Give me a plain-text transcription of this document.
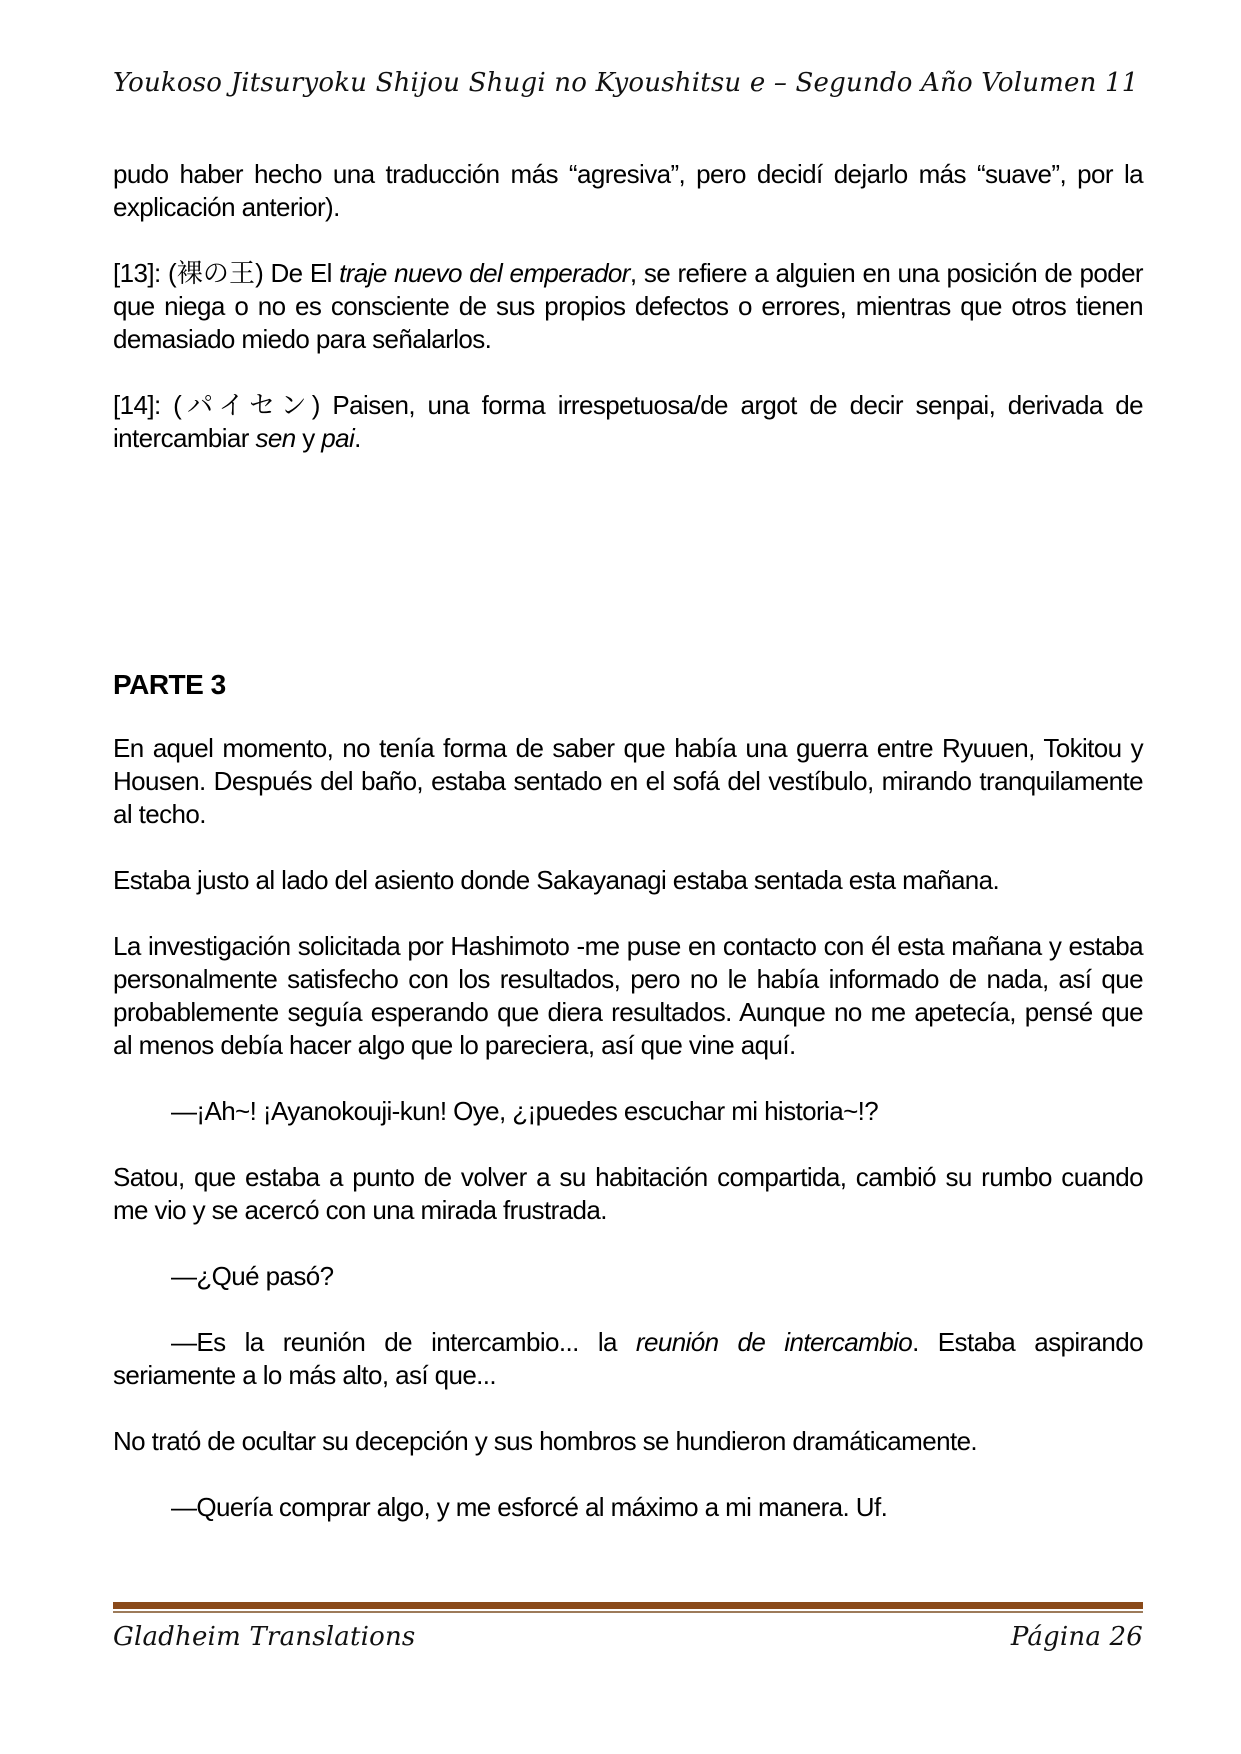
Youkoso Jitsuryoku Shijou Shugi no Kyoushitsu e – Segundo Año Volumen 11

pudo haber hecho una traducción más “agresiva”, pero decidí dejarlo más “suave”, por la explicación anterior).

[13]: (裸の王) De El traje nuevo del emperador, se refiere a alguien en una posición de poder que niega o no es consciente de sus propios defectos o errores, mientras que otros tienen demasiado miedo para señalarlos.

[14]: (パイセン) Paisen, una forma irrespetuosa/de argot de decir senpai, derivada de intercambiar sen y pai.

PARTE 3

En aquel momento, no tenía forma de saber que había una guerra entre Ryuuen, Tokitou y Housen. Después del baño, estaba sentado en el sofá del vestíbulo, mirando tranquilamente al techo.

Estaba justo al lado del asiento donde Sakayanagi estaba sentada esta mañana.

La investigación solicitada por Hashimoto -me puse en contacto con él esta mañana y estaba personalmente satisfecho con los resultados, pero no le había informado de nada, así que probablemente seguía esperando que diera resultados. Aunque no me apetecía, pensé que al menos debía hacer algo que lo pareciera, así que vine aquí.

—¡Ah~! ¡Ayanokouji-kun! Oye, ¿¡puedes escuchar mi historia~!?

Satou, que estaba a punto de volver a su habitación compartida, cambió su rumbo cuando me vio y se acercó con una mirada frustrada.

—¿Qué pasó?

—Es la reunión de intercambio... la reunión de intercambio. Estaba aspirando seriamente a lo más alto, así que...

No trató de ocultar su decepción y sus hombros se hundieron dramáticamente.

—Quería comprar algo, y me esforcé al máximo a mi manera. Uf.

Gladheim Translations	Página 26
